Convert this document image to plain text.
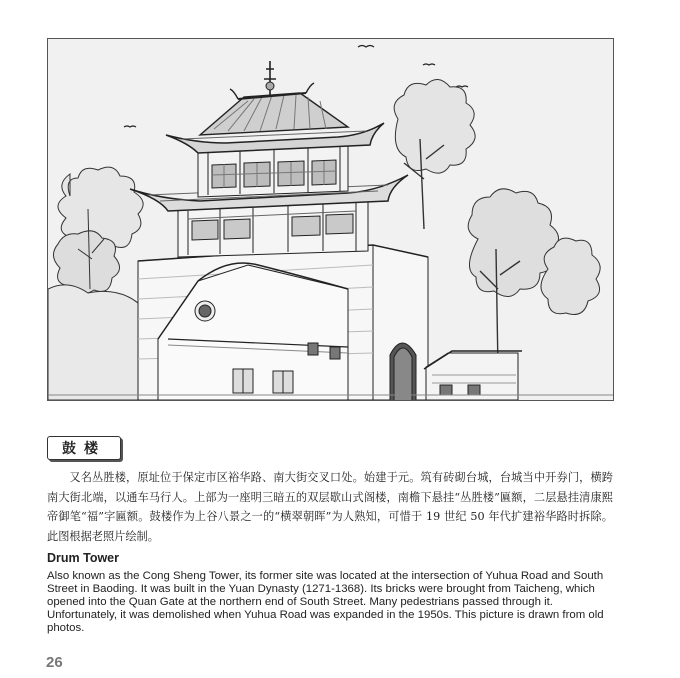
鼓楼

又名丛胜楼，原址位于保定市区裕华路、南大街交叉口处。始建于元。筑有砖砌台城，台城当中开券门，横跨南大街北端，以通车马行人。上部为一座明三暗五的双层歇山式阁楼，南檐下悬挂“丛胜楼”匾额，二层悬挂清康熙帝御笔“福”字匾额。鼓楼作为上谷八景之一的“横翠朝晖”为人熟知，可惜于 19 世纪 50 年代扩建裕华路时拆除。此图根据老照片绘制。

Drum Tower

Also known as the Cong Sheng Tower, its former site was located at the intersection of Yuhua Road and South Street in Baoding. It was built in the Yuan Dynasty (1271-1368). Its bricks were brought from Taicheng, which opened into the Quan Gate at the northern end of South Street. Many pedestrians passed through it. Unfortunately, it was demolished when Yuhua Road was expanded in the 1950s. This picture is drawn from old photos.

26
